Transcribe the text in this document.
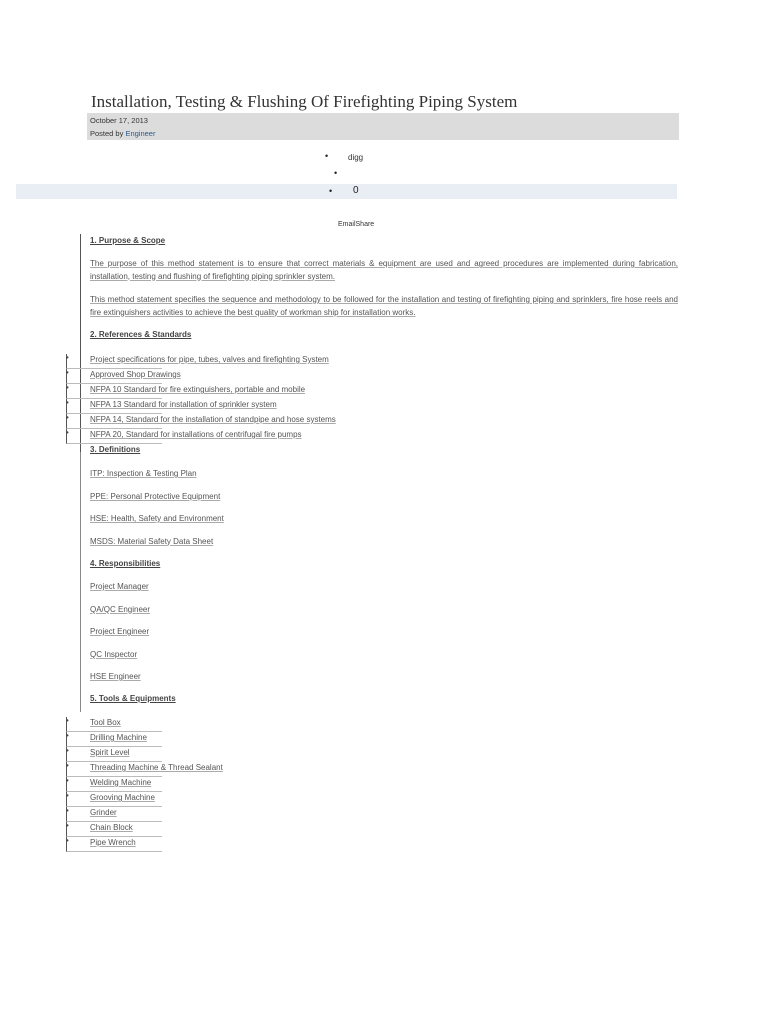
Installation, Testing & Flushing Of Firefighting Piping System
October 17, 2013
Posted by Engineer
• digg
•
• 0
EmailShare
1. Purpose & Scope

The purpose of this method statement is to ensure that correct materials & equipment are used and agreed procedures are implemented during fabrication, installation, testing and flushing of firefighting piping sprinkler system.

This method statement specifies the sequence and methodology to be followed for the installation and testing of firefighting piping and sprinklers, fire hose reels and fire extinguishers activities to achieve the best quality of workman ship for installation works.

2. References & Standards
•	Project specifications for pipe, tubes, valves and firefighting System
•	Approved Shop Drawings
•	NFPA 10 Standard for fire extinguishers, portable and mobile
•	NFPA 13 Standard for installation of sprinkler system
•	NFPA 14, Standard for the installation of standpipe and hose systems
•	NFPA 20, Standard for installations of centrifugal fire pumps
3. Definitions
ITP: Inspection & Testing Plan
PPE: Personal Protective Equipment
HSE: Health, Safety and Environment
MSDS: Material Safety Data Sheet
4. Responsibilities
Project Manager
QA/QC Engineer
Project Engineer
QC Inspector
HSE Engineer
5. Tools & Equipments
•	Tool Box
•	Drilling Machine
•	Spirit Level
•	Threading Machine & Thread Sealant
•	Welding Machine
•	Grooving Machine
•	Grinder
•	Chain Block
•	Pipe Wrench
